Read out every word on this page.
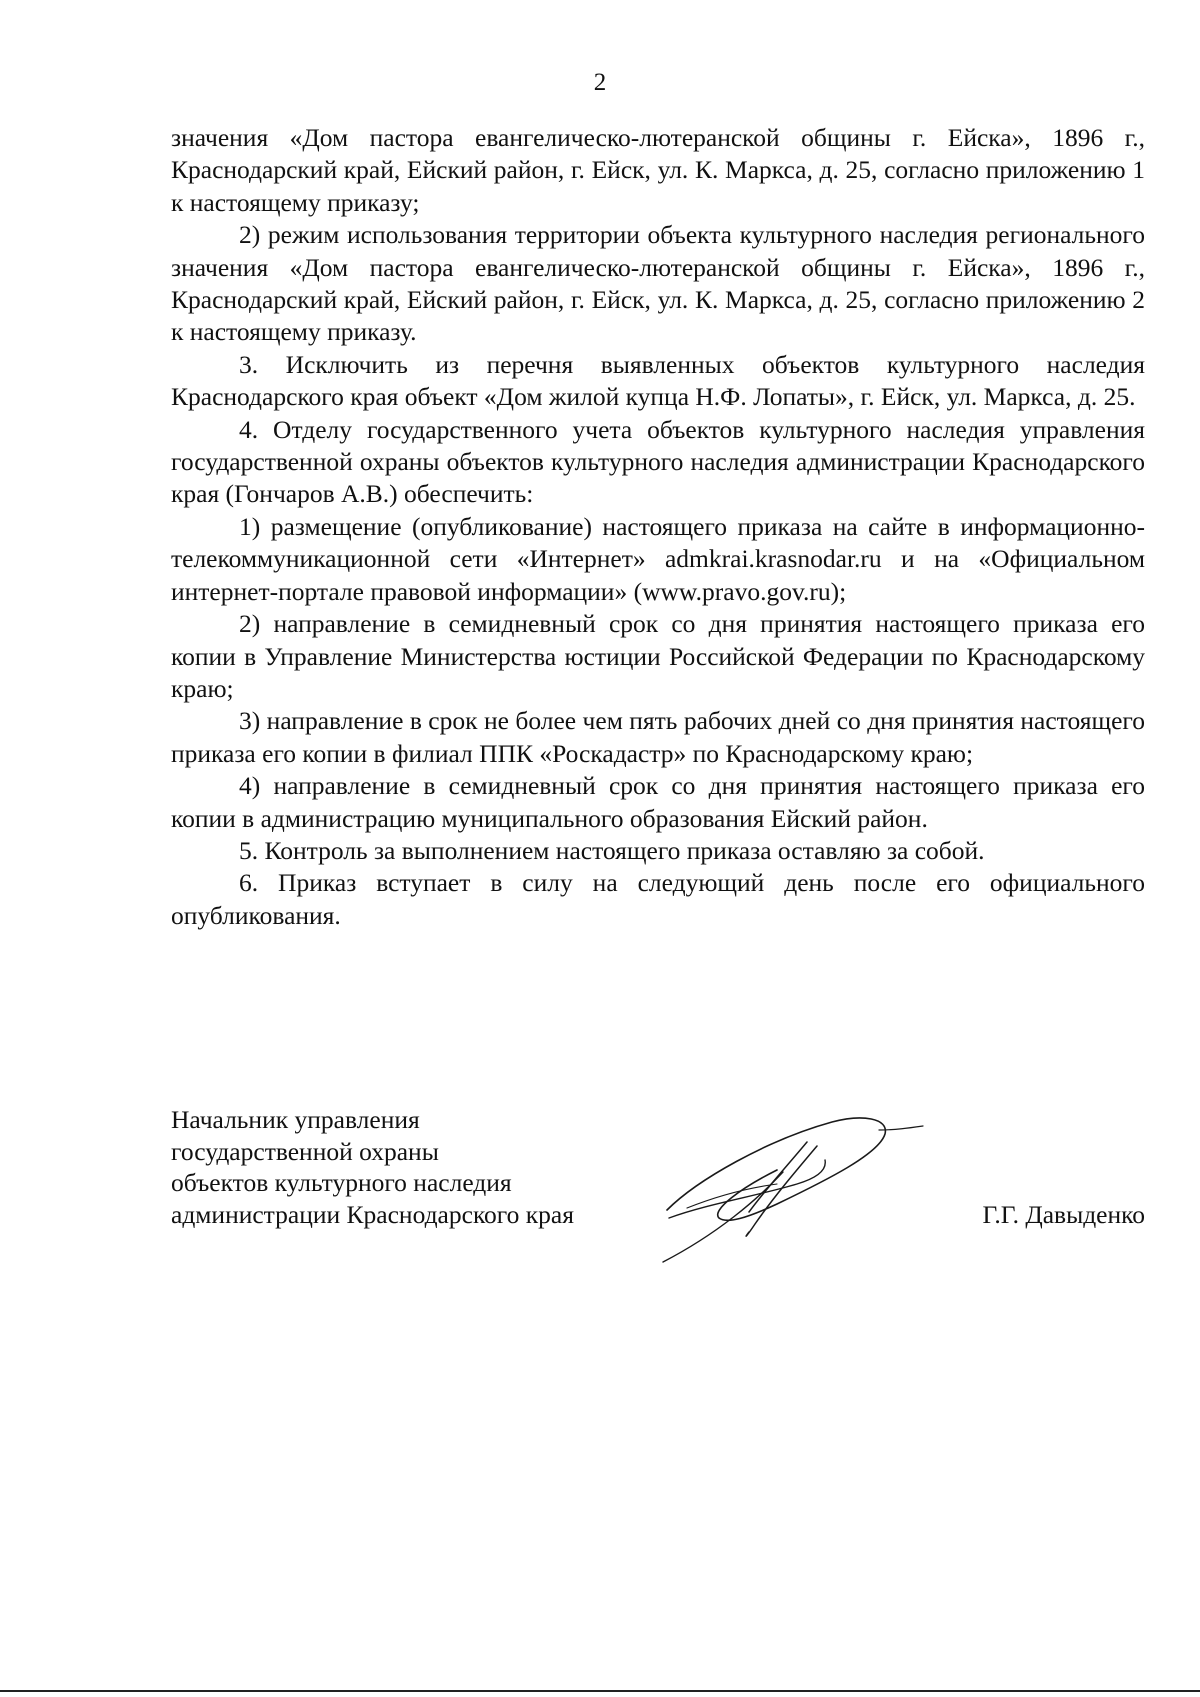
2

значения «Дом пастора евангелическо-лютеранской общины г. Ейска», 1896 г., Краснодарский край, Ейский район, г. Ейск, ул. К. Маркса, д. 25, согласно приложению 1 к настоящему приказу;

2) режим использования территории объекта культурного наследия регионального значения «Дом пастора евангелическо-лютеранской общины г. Ейска», 1896 г., Краснодарский край, Ейский район, г. Ейск, ул. К. Маркса, д. 25, согласно приложению 2 к настоящему приказу.

3. Исключить из перечня выявленных объектов культурного наследия Краснодарского края объект «Дом жилой купца Н.Ф. Лопаты», г. Ейск, ул. Маркса, д. 25.

4. Отделу государственного учета объектов культурного наследия управления государственной охраны объектов культурного наследия администрации Краснодарского края (Гончаров А.В.) обеспечить:

1) размещение (опубликование) настоящего приказа на сайте в информационно-телекоммуникационной сети «Интернет» admkrai.krasnodar.ru и на «Официальном интернет-портале правовой информации» (www.pravo.gov.ru);

2) направление в семидневный срок со дня принятия настоящего приказа его копии в Управление Министерства юстиции Российской Федерации по Краснодарскому краю;

3) направление в срок не более чем пять рабочих дней со дня принятия настоящего приказа его копии в филиал ППК «Роскадастр» по Краснодарскому краю;

4) направление в семидневный срок со дня принятия настоящего приказа его копии в администрацию муниципального образования Ейский район.

5. Контроль за выполнением настоящего приказа оставляю за собой.

6. Приказ вступает в силу на следующий день после его официального опубликования.

Начальник управления
государственной охраны
объектов культурного наследия
администрации Краснодарского края	Г.Г. Давыденко
